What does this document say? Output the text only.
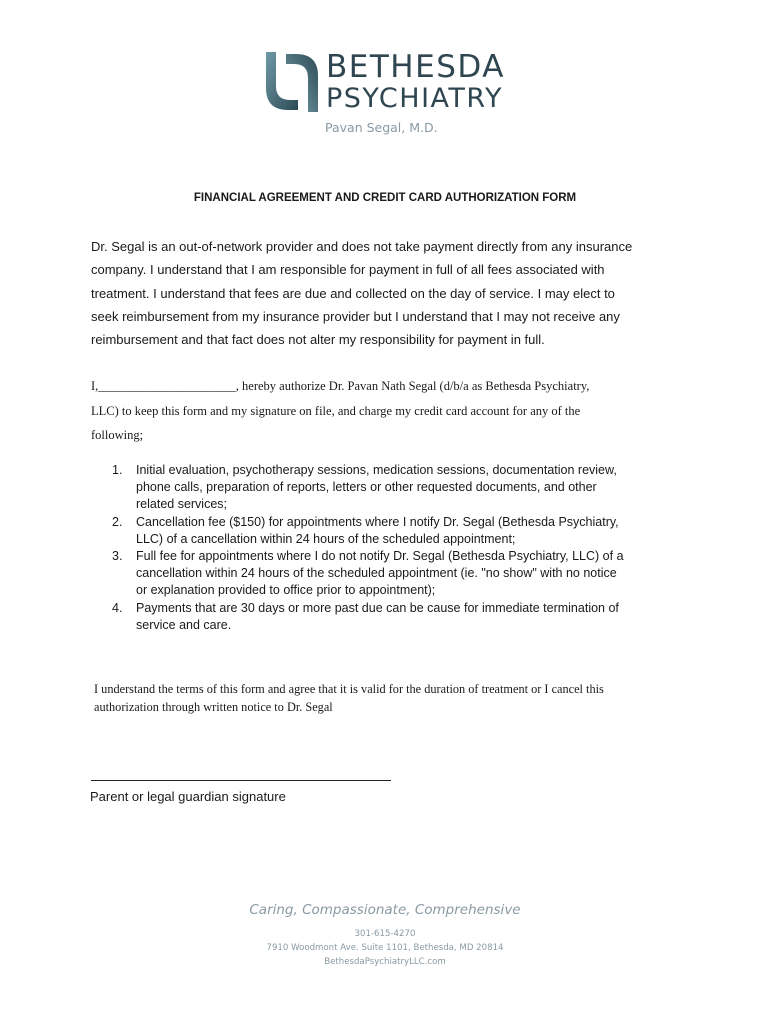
BETHESDA
PSYCHIATRY
Pavan Segal, M.D.
FINANCIAL AGREEMENT AND CREDIT CARD AUTHORIZATION FORM
Dr. Segal is an out-of-network provider and does not take payment directly from any insurance
company. I understand that I am responsible for payment in full of all fees associated with
treatment. I understand that fees are due and collected on the day of service. I may elect to
seek reimbursement from my insurance provider but I understand that I may not receive any
reimbursement and that fact does not alter my responsibility for payment in full.
I,______________________, hereby authorize Dr. Pavan Nath Segal (d/b/a as Bethesda Psychiatry,
LLC) to keep this form and my signature on file, and charge my credit card account for any of the
following;
1. Initial evaluation, psychotherapy sessions, medication sessions, documentation review,
phone calls, preparation of reports, letters or other requested documents, and other
related services;
2. Cancellation fee ($150) for appointments where I notify Dr. Segal (Bethesda Psychiatry,
LLC) of a cancellation within 24 hours of the scheduled appointment;
3. Full fee for appointments where I do not notify Dr. Segal (Bethesda Psychiatry, LLC) of a
cancellation within 24 hours of the scheduled appointment (ie. "no show" with no notice
or explanation provided to office prior to appointment);
4. Payments that are 30 days or more past due can be cause for immediate termination of
service and care.
I understand the terms of this form and agree that it is valid for the duration of treatment or I cancel this
authorization through written notice to Dr. Segal
Parent or legal guardian signature
Caring, Compassionate, Comprehensive
301-615-4270
7910 Woodmont Ave. Suite 1101, Bethesda, MD 20814
BethesdaPsychiatryLLC.com
